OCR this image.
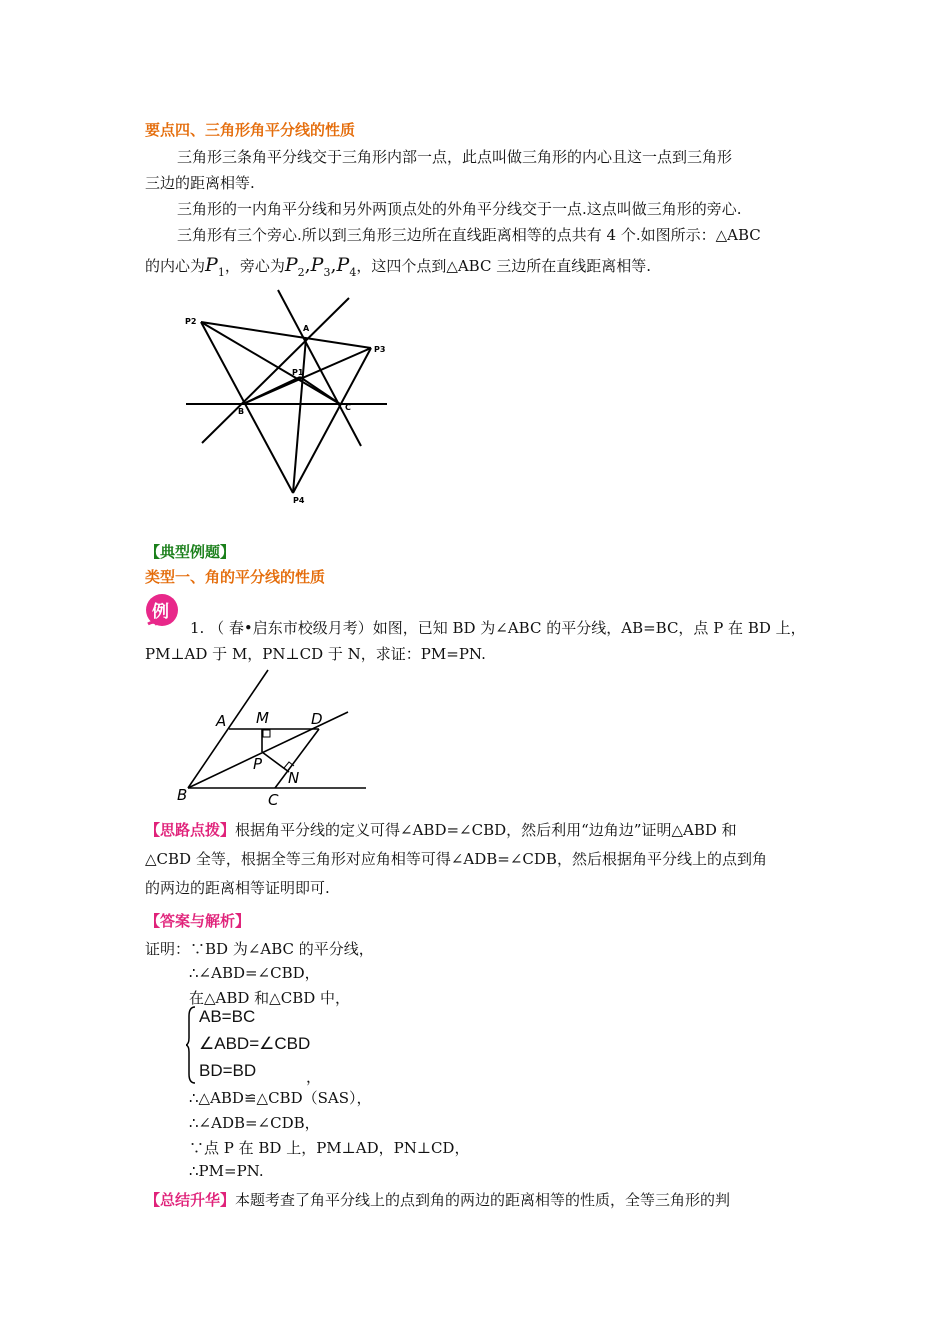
要点四、三角形角平分线的性质

三角形三条角平分线交于三角形内部一点，此点叫做三角形的内心且这一点到三角形

三边的距离相等.

三角形的一内角平分线和另外两顶点处的外角平分线交于一点.这点叫做三角形的旁心.

三角形有三个旁心.所以到三角形三边所在直线距离相等的点共有 4 个.如图所示：△ABC

的内心为$P_1$，旁心为$P_2,P_3,P_4$，这四个点到△ABC 三边所在直线距离相等.

P2
A
P3
P1
B	C
P4
【典型例题】
类型一、角的平分线的性质
例
1. （ 春•启东市校级月考）如图，已知 BD 为∠ABC 的平分线，AB=BC，点 P 在 BD 上，
PM⊥AD 于 M，PN⊥CD 于 N，求证：PM=PN.
A M	D
P
N
B	C

【思路点拨】根据角平分线的定义可得∠ABD=∠CBD，然后利用“边角边”证明△ABD 和

△CBD 全等，根据全等三角形对应角相等可得∠ADB=∠CDB，然后根据角平分线上的点到角

的两边的距离相等证明即可.

【答案与解析】
证明：∵BD 为∠ABC 的平分线，
∴∠ABD=∠CBD，
在△ABD 和△CBD 中，
AB=BC
∠ABD=∠CBD
BD=BD	，
∴△ABD≌△CBD（SAS），
∴∠ADB=∠CDB，
∵点 P 在 BD 上，PM⊥AD，PN⊥CD，
∴PM=PN.
【总结升华】本题考查了角平分线上的点到角的两边的距离相等的性质，全等三角形的判
